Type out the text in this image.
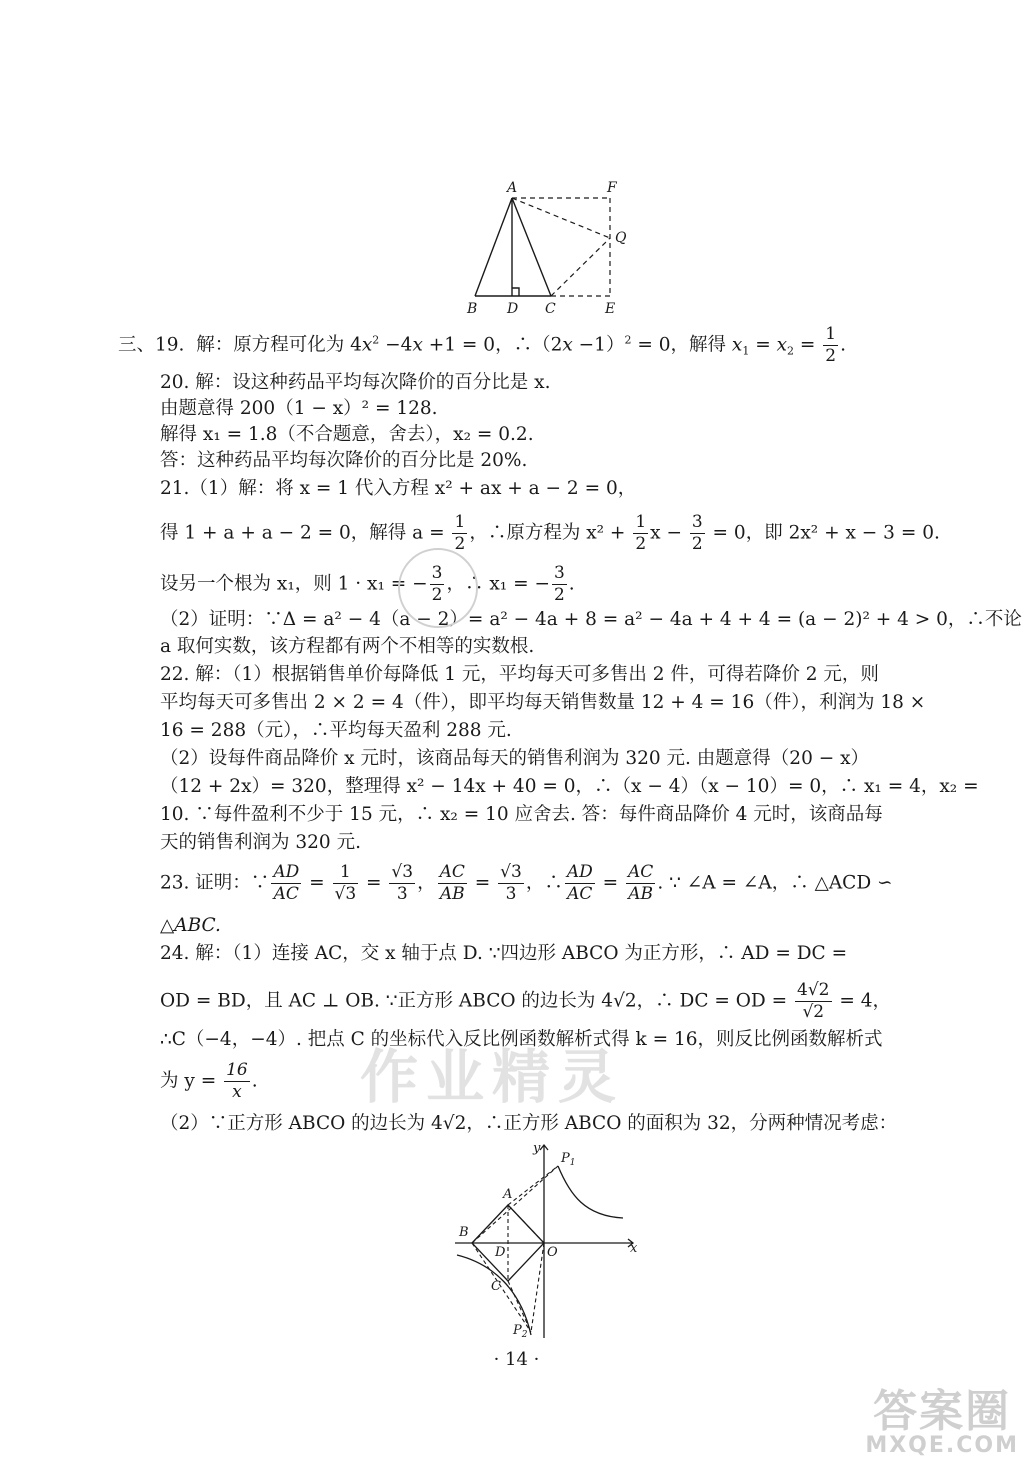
A	F
Q
B D C	E
三、19. 解：原方程可化为 $4x^2 -4x +1 = 0$，∴（2x −1）$^2$ = 0，解得 $x_1 = x_2 = \frac{1}{2}$ .
20. 解：设这种药品平均每次降价的百分比是 x.
由题意得 200（1 − x）² = 128.
解得 x₁ = 1.8（不合题意，舍去），x₂ = 0.2.
答：这种药品平均每次降价的百分比是 20%.
21.（1）解：将 x = 1 代入方程 x² + ax + a − 2 = 0，
得 1 + a + a − 2 = 0，解得 $a = \frac{1}{2}$ ，∴原方程为 $x^2 + \frac{1}{2}$ $x - \frac{3}{2} = 0$，即 2x² + x − 3 = 0.
设另一个根为 x₁，则 1 · x₁ = − $\frac{3}{2}$ ，∴ x₁ = − $\frac{3}{2}$ .
（2）证明：∵Δ = a² − 4（a − 2）= a² − 4a + 8 = a² − 4a + 4 + 4 = (a − 2)² + 4 > 0，∴不论
a 取何实数，该方程都有两个不相等的实数根.
22. 解：（1）根据销售单价每降低 1 元，平均每天可多售出 2 件，可得若降价 2 元，则
平均每天可多售出 2 × 2 = 4（件），即平均每天销售数量 12 + 4 = 16（件），利润为 18 ×
16 = 288（元），∴平均每天盈利 288 元.
（2）设每件商品降价 x 元时，该商品每天的销售利润为 320 元. 由题意得（20 − x）
（12 + 2x）= 320，整理得 x² − 14x + 40 = 0，∴（x − 4）（x − 10）= 0，∴ x₁ = 4，x₂ =
10. ∵每件盈利不少于 15 元，∴ x₂ = 10 应舍去. 答：每件商品降价 4 元时，该商品每
天的销售利润为 320 元.
23. 证明：∵ $\frac{AD}{AC} = \frac{1}{√3} = \frac{√3}{3}$ ， $\frac{AC}{AB} = \frac{√3}{3}$ ，∴ $\frac{AD}{AC} = \frac{AC}{AB}$ . ∵ ∠A = ∠A，∴ △ACD ∽
△ABC.
24. 解：（1）连接 AC，交 x 轴于点 D. ∵四边形 ABCO 为正方形，∴ AD = DC =
OD = BD，且 AC ⊥ OB. ∵正方形 ABCO 的边长为 4√2，∴ DC = OD = $\frac{4√2}{√2} = 4$，
∴C（−4，−4）. 把点 C 的坐标代入反比例函数解析式得 k = 16，则反比例函数解析式
为 $y = \frac{16}{x}$ .
（2）∵正方形 ABCO 的边长为 4√2，∴正方形 ABCO 的面积为 32，分两种情况考虑：
y
$P_1$
A
B
D	O	x
C
$P_2$
作业精灵
· 14 ·
答案圈
MXQE.COM
